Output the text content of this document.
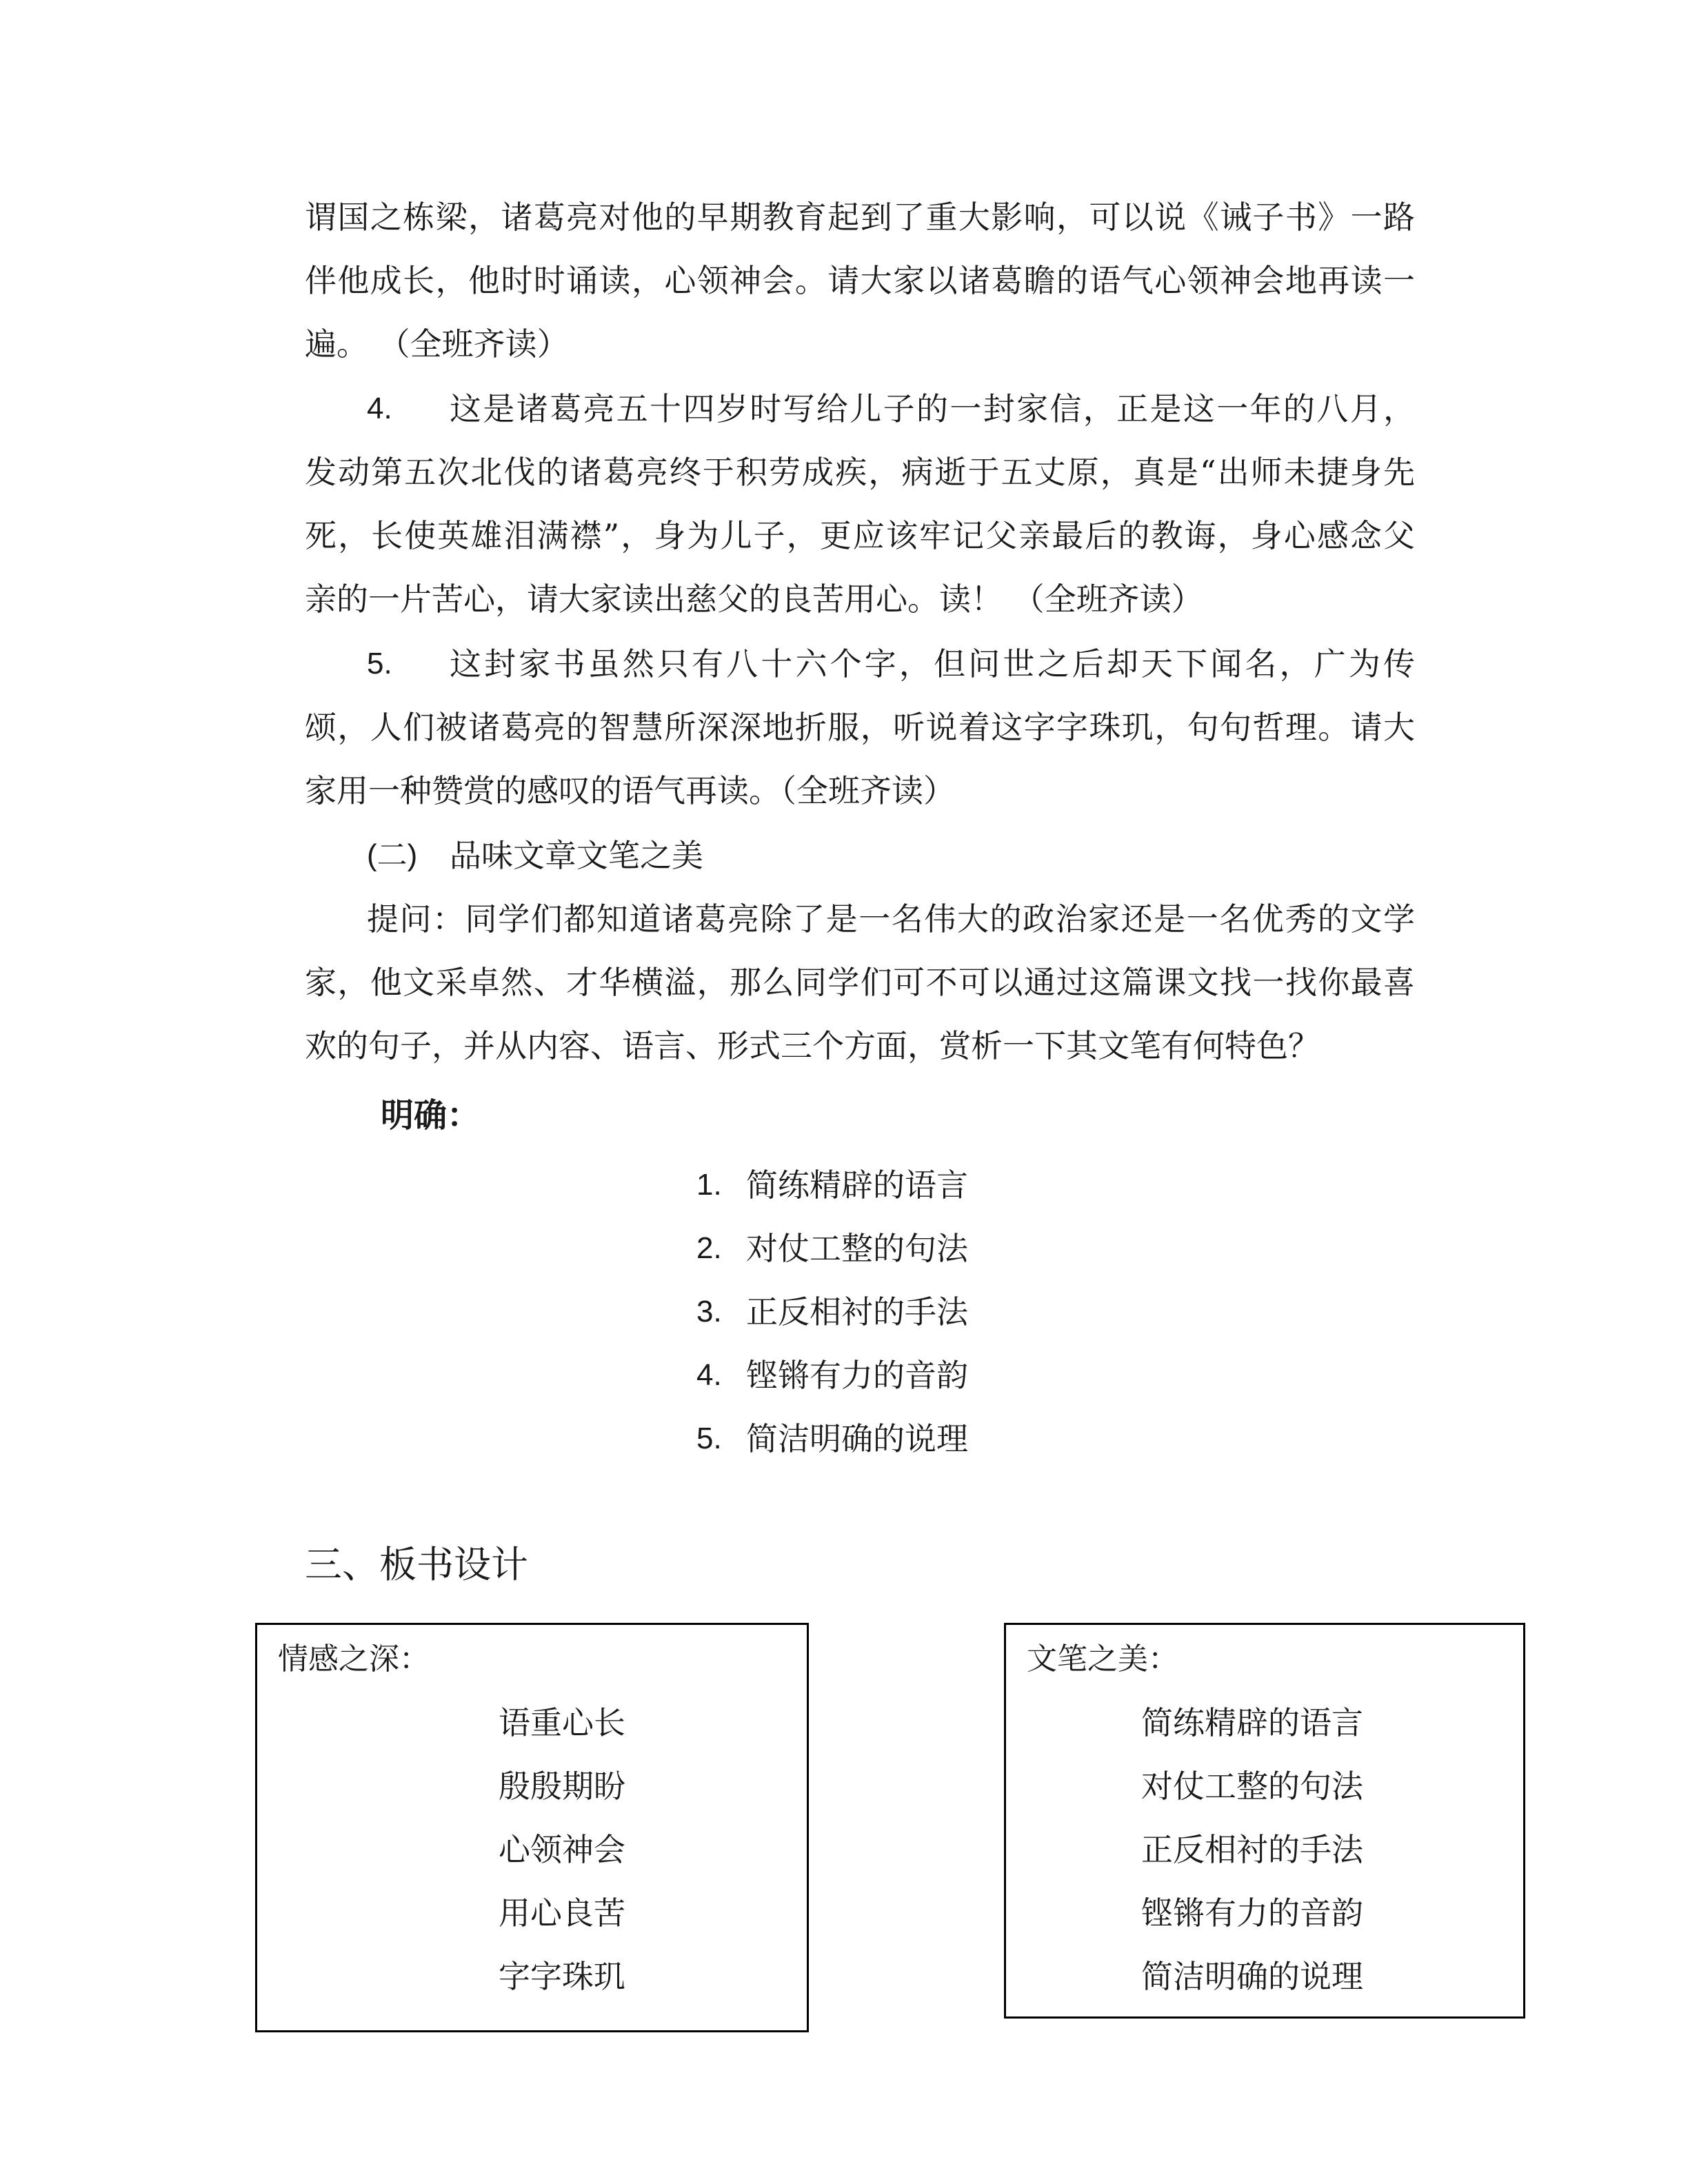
谓国之栋梁，诸葛亮对他的早期教育起到了重大影响，可以说《诫子书》一路
伴他成长，他时时诵读，心领神会。请大家以诸葛瞻的语气心领神会地再读一
遍。 （全班齐读）
4. 这是诸葛亮五十四岁时写给儿子的一封家信，正是这一年的八月，
发动第五次北伐的诸葛亮终于积劳成疾，病逝于五丈原，真是“出师未捷身先
死，长使英雄泪满襟”，身为儿子，更应该牢记父亲最后的教诲，身心感念父
亲的一片苦心，请大家读出慈父的良苦用心。读！ （全班齐读）
5. 这封家书虽然只有八十六个字，但问世之后却天下闻名，广为传
颂，人们被诸葛亮的智慧所深深地折服，听说着这字字珠玑，句句哲理。请大
家用一种赞赏的感叹的语气再读。（全班齐读）
(二) 品味文章文笔之美
提问：同学们都知道诸葛亮除了是一名伟大的政治家还是一名优秀的文学
家，他文采卓然、才华横溢，那么同学们可不可以通过这篇课文找一找你最喜
欢的句子，并从内容、语言、形式三个方面，赏析一下其文笔有何特色？
明确：
1. 简练精辟的语言
2. 对仗工整的句法
3. 正反相衬的手法
4. 铿锵有力的音韵
5. 简洁明确的说理
三、板书设计
情感之深：
语重心长
殷殷期盼
心领神会
用心良苦
字字珠玑
文笔之美：
简练精辟的语言
对仗工整的句法
正反相衬的手法
铿锵有力的音韵
简洁明确的说理
